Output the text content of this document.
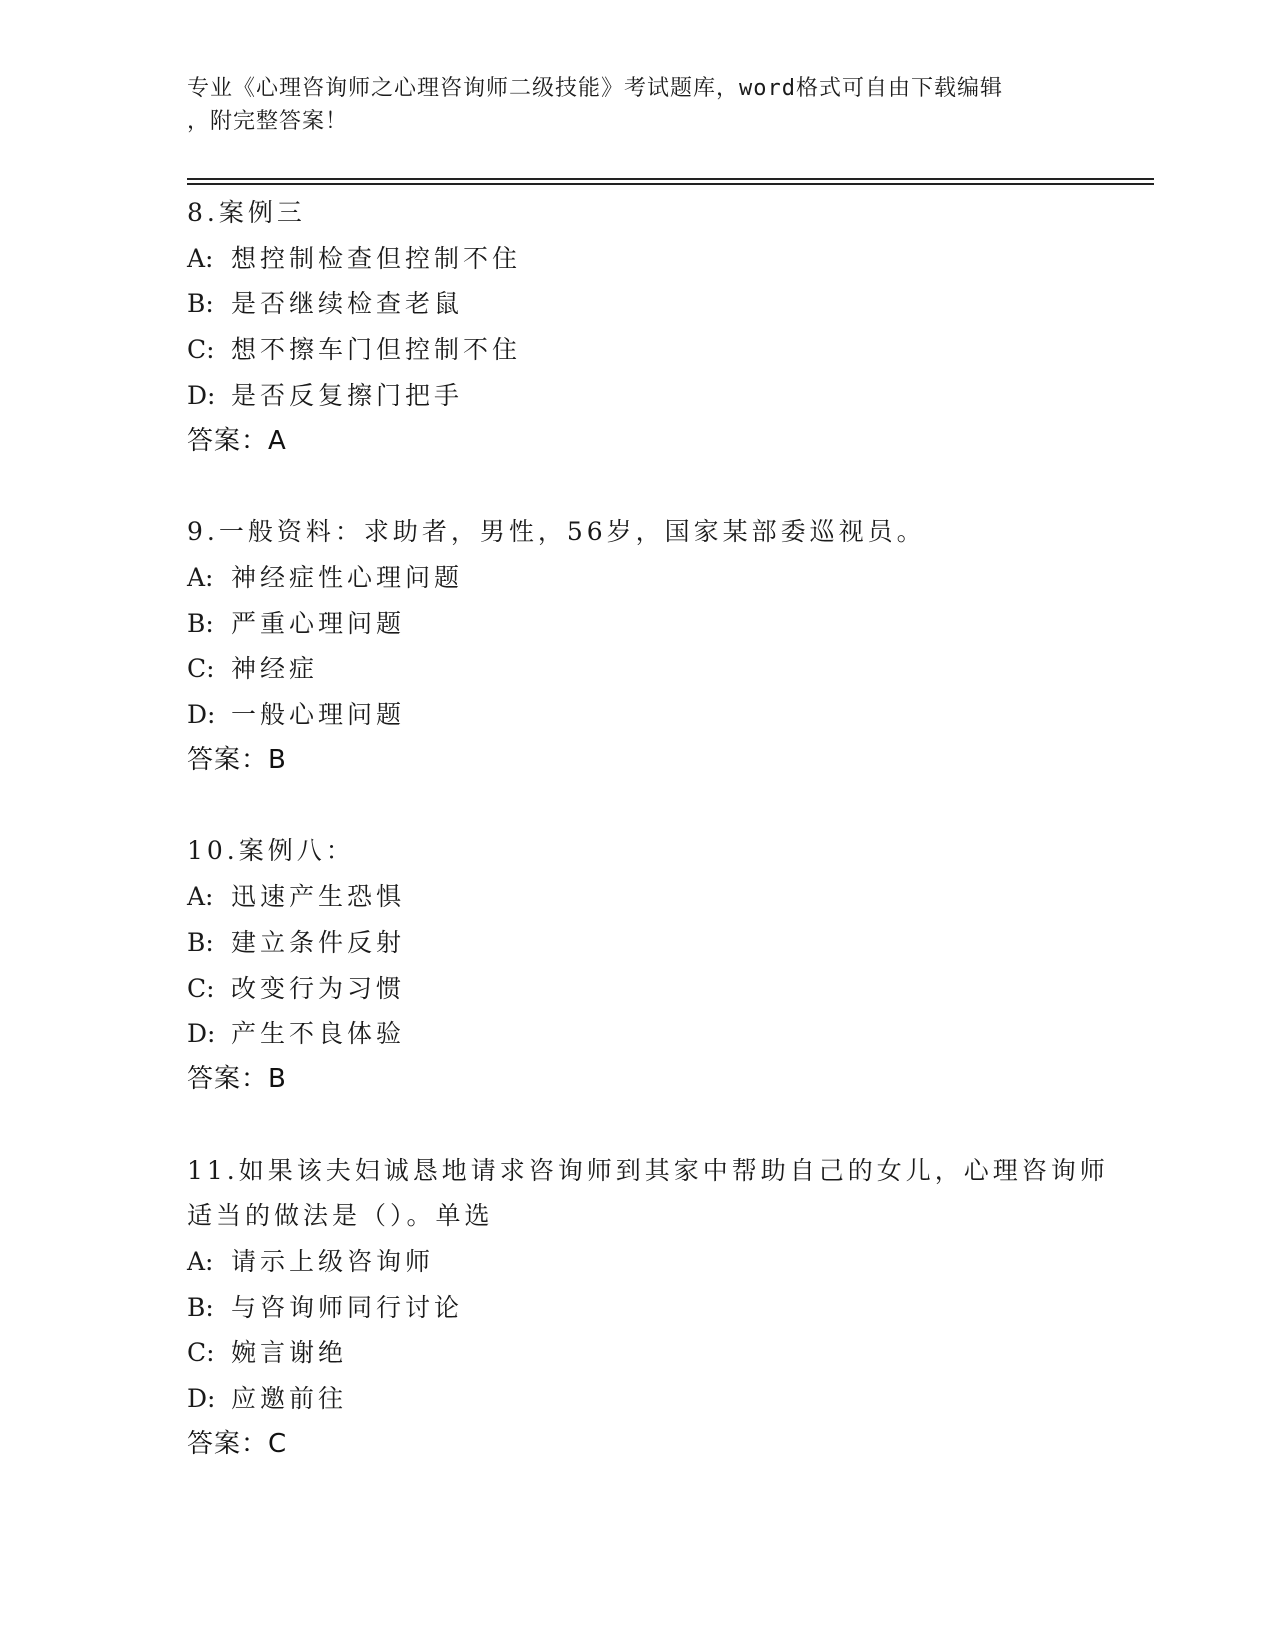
专业《心理咨询师之心理咨询师二级技能》考试题库，word格式可自由下载编辑
，附完整答案！
8.案例三
A: 想控制检查但控制不住
B: 是否继续检查老鼠
C: 想不擦车门但控制不住
D: 是否反复擦门把手
答案：A
9.一般资料：求助者，男性，56岁，国家某部委巡视员。
A: 神经症性心理问题
B: 严重心理问题
C: 神经症
D: 一般心理问题
答案：B
10.案例八：
A: 迅速产生恐惧
B: 建立条件反射
C: 改变行为习惯
D: 产生不良体验
答案：B
11.如果该夫妇诚恳地请求咨询师到其家中帮助自己的女儿，心理咨询师适当的做法是（）。单选
A: 请示上级咨询师
B: 与咨询师同行讨论
C: 婉言谢绝
D: 应邀前往
答案：C
